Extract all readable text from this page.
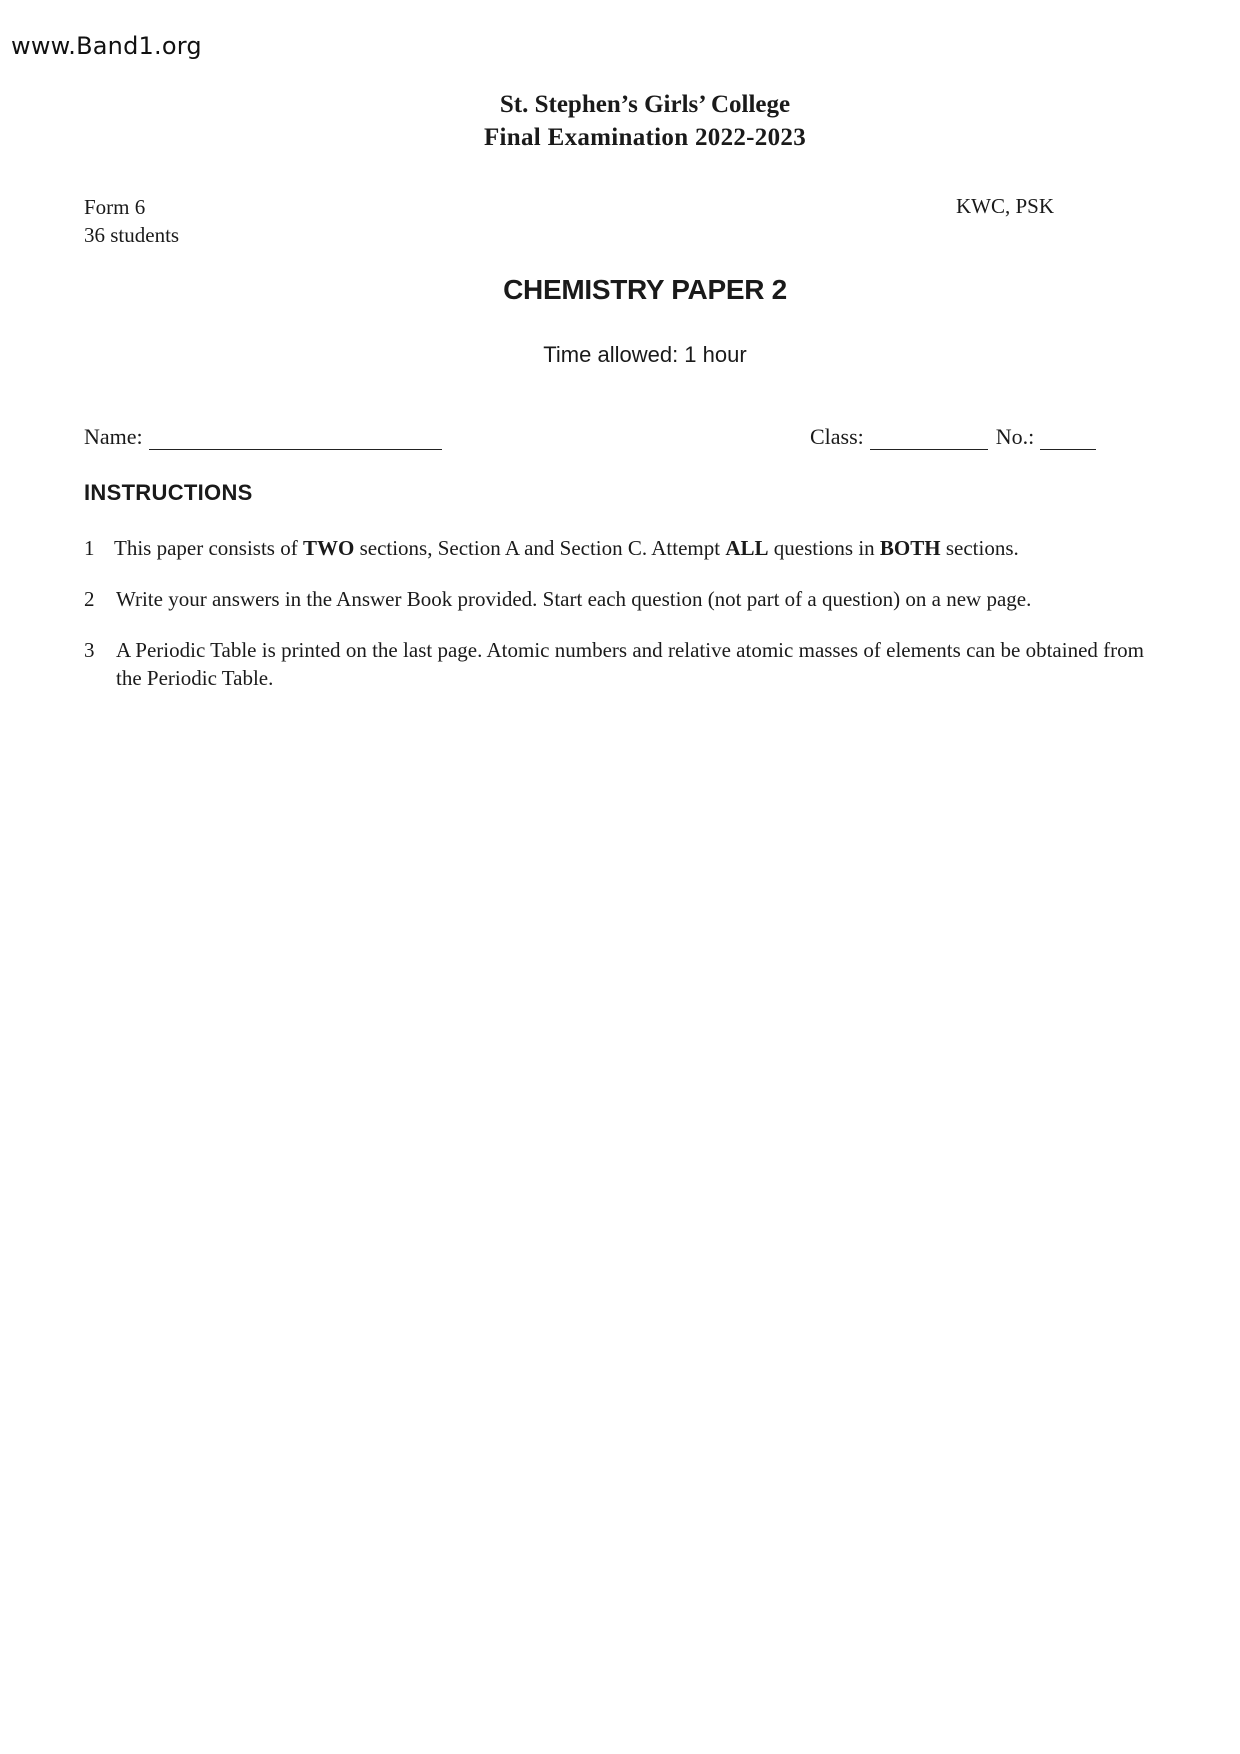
www.Band1.org
St. Stephen’s Girls’ College
Final Examination 2022-2023
Form 6
36 students
KWC, PSK
CHEMISTRY PAPER 2
Time allowed: 1 hour
Name:	Class:	No.:
INSTRUCTIONS
1 This paper consists of TWO sections, Section A and Section C. Attempt ALL questions in BOTH sections.
2	Write your answers in the Answer Book provided. Start each question (not part of a question) on a new page.
3	A Periodic Table is printed on the last page. Atomic numbers and relative atomic masses of elements can be obtained from the Periodic Table.
